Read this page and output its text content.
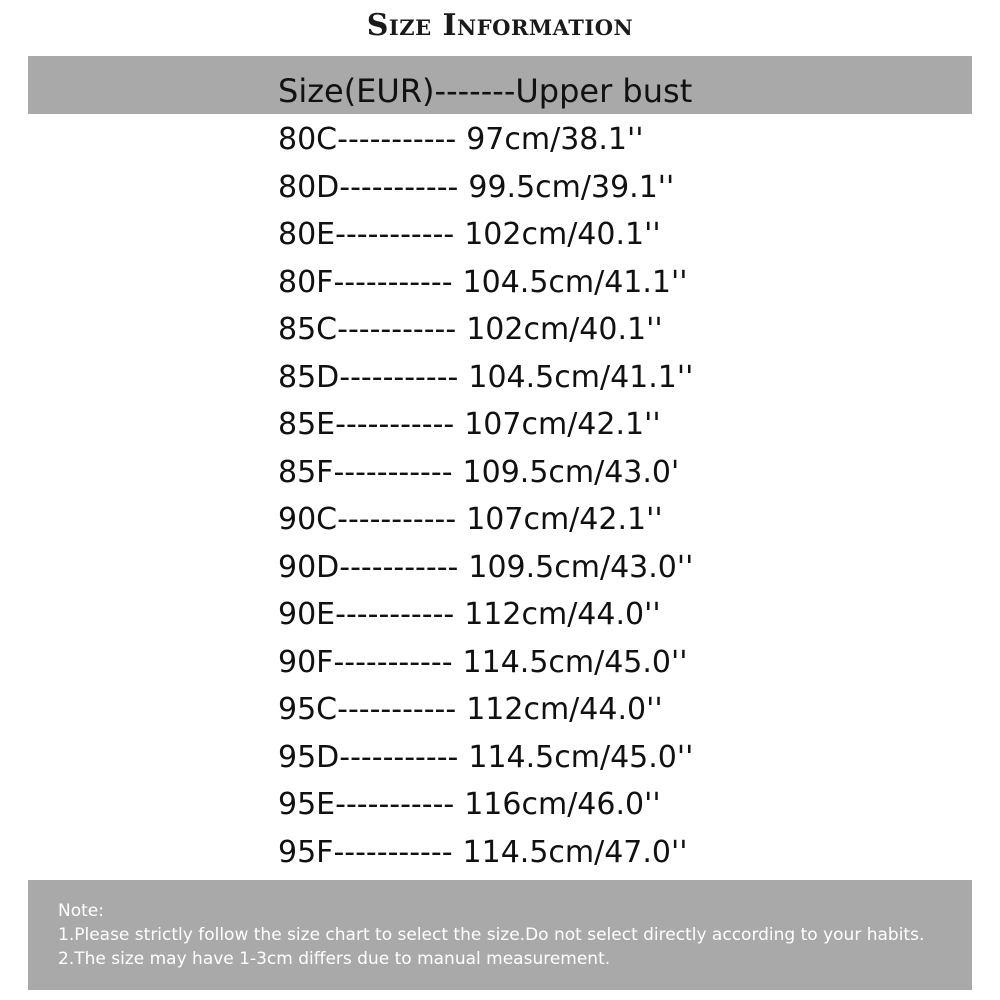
Size Information
Size(EUR)-------Upper bust
80C ----------- 97cm/38.1''
80D ----------- 99.5cm/39.1''
80E ----------- 102cm/40.1''
80F ----------- 104.5cm/41.1''
85C ----------- 102cm/40.1''
85D ----------- 104.5cm/41.1''
85E ----------- 107cm/42.1''
85F ----------- 109.5cm/43.0'
90C ----------- 107cm/42.1''
90D ----------- 109.5cm/43.0''
90E ----------- 112cm/44.0''
90F ----------- 114.5cm/45.0''
95C ----------- 112cm/44.0''
95D ----------- 114.5cm/45.0''
95E ----------- 116cm/46.0''
95F ----------- 114.5cm/47.0''
Note:
1.Please strictly follow the size chart to select the size.Do not select directly according to your habits.
2.The size may have 1-3cm differs due to manual measurement.
